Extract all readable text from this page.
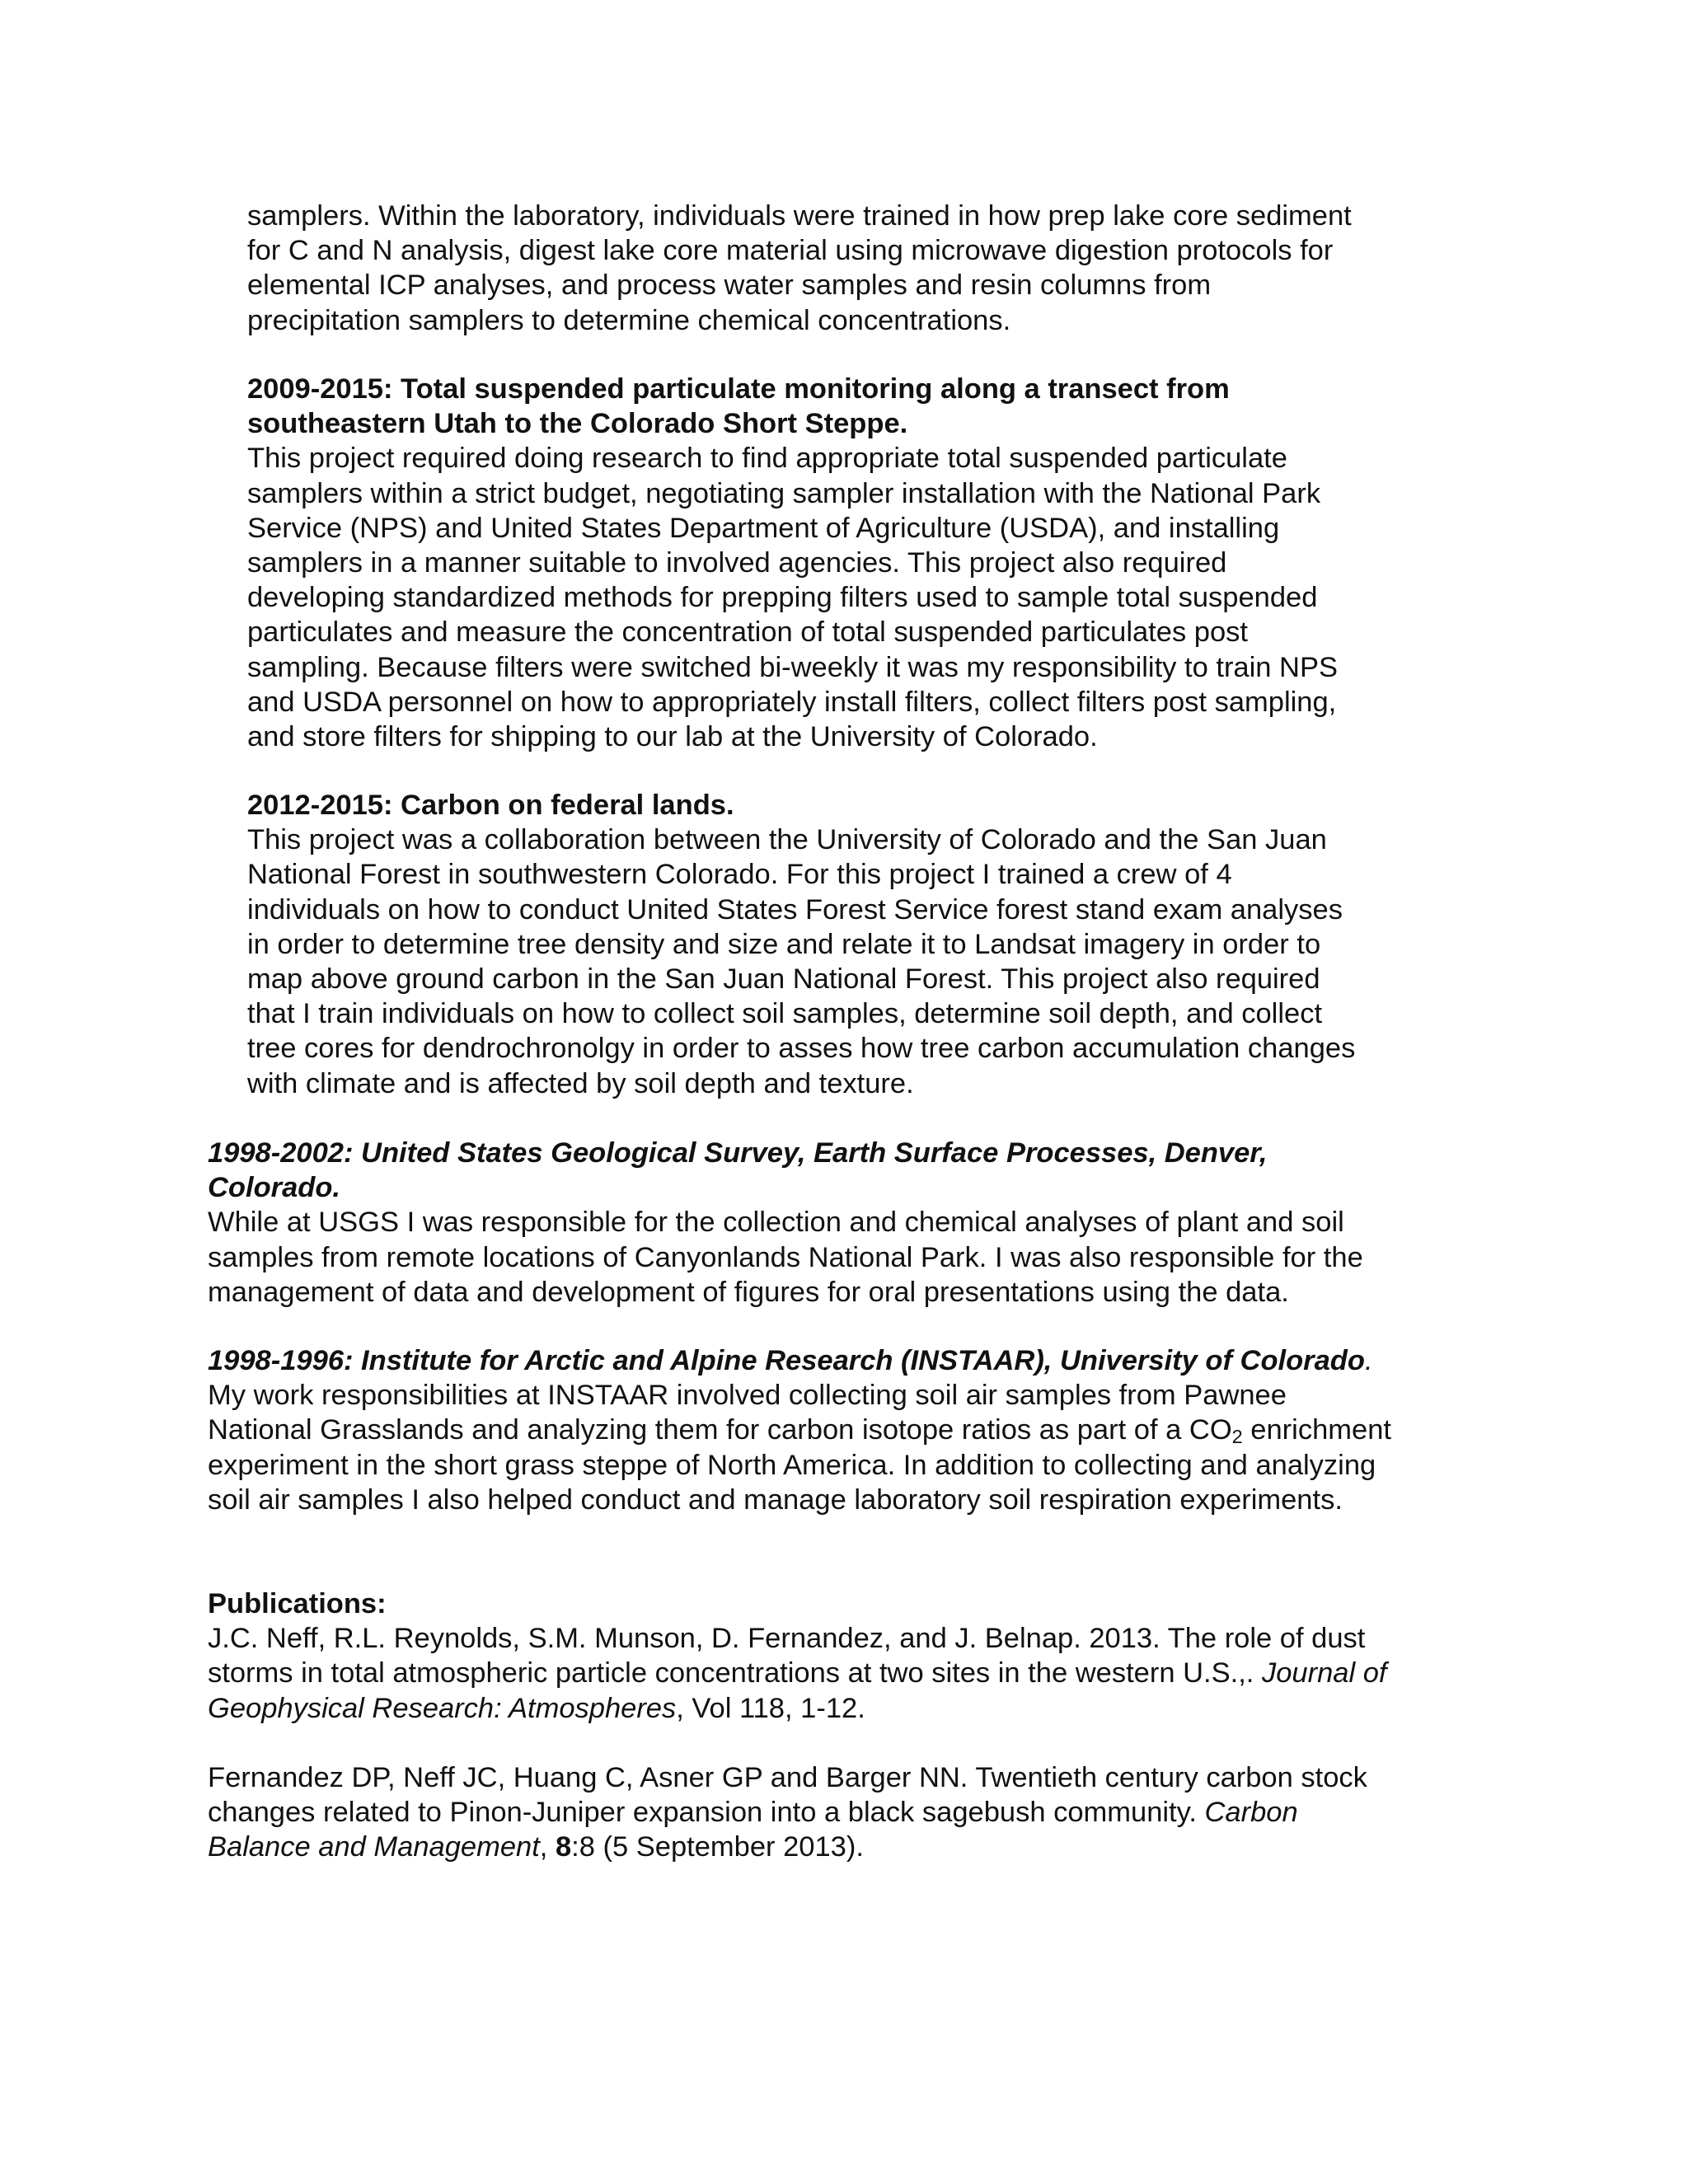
samplers. Within the laboratory, individuals were trained in how prep lake core sediment
for C and N analysis, digest lake core material using microwave digestion protocols for
elemental ICP analyses, and process water samples and resin columns from
precipitation samplers to determine chemical concentrations.
2009-2015: Total suspended particulate monitoring along a transect from
southeastern Utah to the Colorado Short Steppe.
This project required doing research to find appropriate total suspended particulate
samplers within a strict budget, negotiating sampler installation with the National Park
Service (NPS) and United States Department of Agriculture (USDA), and installing
samplers in a manner suitable to involved agencies. This project also required
developing standardized methods for prepping filters used to sample total suspended
particulates and measure the concentration of total suspended particulates post
sampling. Because filters were switched bi-weekly it was my responsibility to train NPS
and USDA personnel on how to appropriately install filters, collect filters post sampling,
and store filters for shipping to our lab at the University of Colorado.
2012-2015: Carbon on federal lands.
This project was a collaboration between the University of Colorado and the San Juan
National Forest in southwestern Colorado. For this project I trained a crew of 4
individuals on how to conduct United States Forest Service forest stand exam analyses
in order to determine tree density and size and relate it to Landsat imagery in order to
map above ground carbon in the San Juan National Forest. This project also required
that I train individuals on how to collect soil samples, determine soil depth, and collect
tree cores for dendrochronolgy in order to asses how tree carbon accumulation changes
with climate and is affected by soil depth and texture.
1998-2002: United States Geological Survey, Earth Surface Processes, Denver,
Colorado.
While at USGS I was responsible for the collection and chemical analyses of plant and soil
samples from remote locations of Canyonlands National Park. I was also responsible for the
management of data and development of figures for oral presentations using the data.
1998-1996: Institute for Arctic and Alpine Research (INSTAAR), University of Colorado.
My work responsibilities at INSTAAR involved collecting soil air samples from Pawnee
National Grasslands and analyzing them for carbon isotope ratios as part of a $CO_2$ enrichment
experiment in the short grass steppe of North America. In addition to collecting and analyzing
soil air samples I also helped conduct and manage laboratory soil respiration experiments.
Publications:
J.C. Neff, R.L. Reynolds, S.M. Munson, D. Fernandez, and J. Belnap. 2013. The role of dust
storms in total atmospheric particle concentrations at two sites in the western U.S.,. Journal of
Geophysical Research: Atmospheres, Vol 118, 1-12.
Fernandez DP, Neff JC, Huang C, Asner GP and Barger NN. Twentieth century carbon stock
changes related to Pinon-Juniper expansion into a black sagebush community. Carbon
Balance and Management, 8:8 (5 September 2013).
